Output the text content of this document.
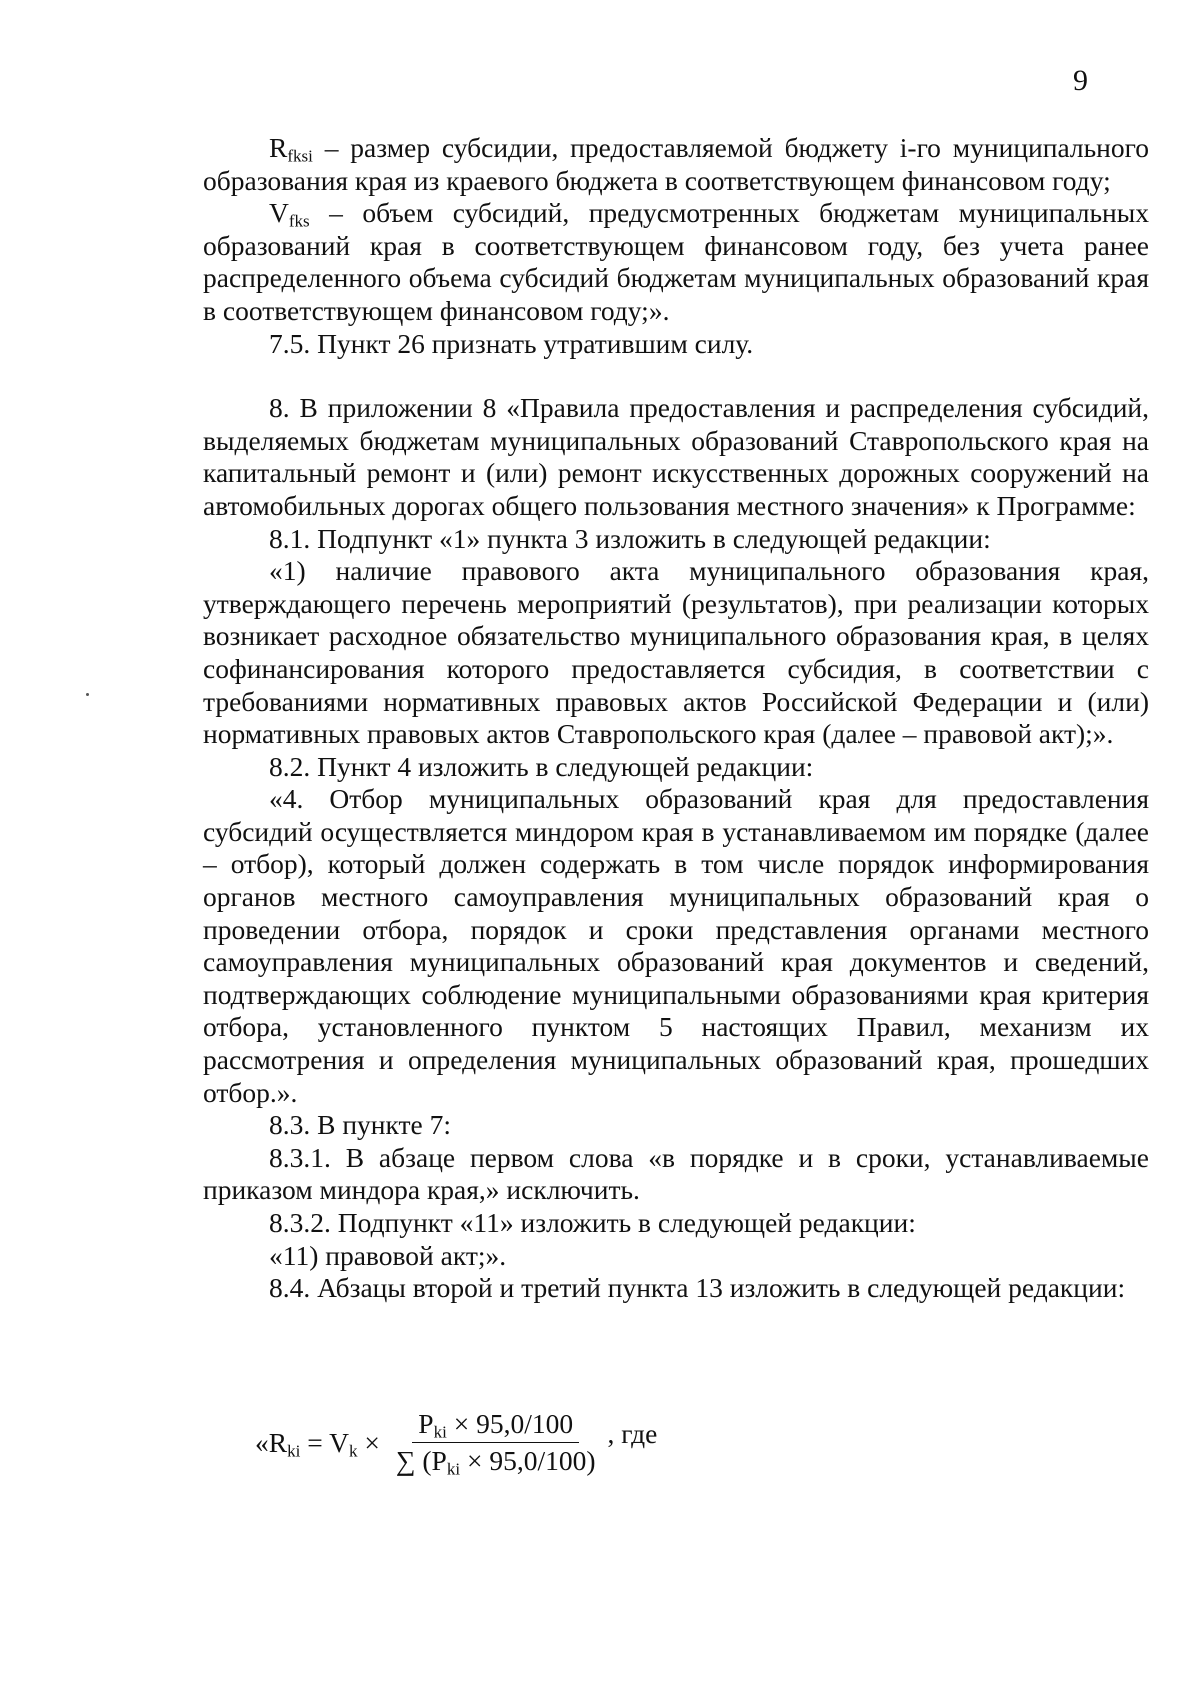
9

$R_{fksi}$ – размер субсидии, предоставляемой бюджету i-го муниципального образования края из краевого бюджета в соответствующем финансовом году;

$V_{fks}$ – объем субсидий, предусмотренных бюджетам муниципальных образований края в соответствующем финансовом году, без учета ранее распределенного объема субсидий бюджетам муниципальных образований края в соответствующем финансовом году;».

7.5. Пункт 26 признать утратившим силу.

8. В приложении 8 «Правила предоставления и распределения субсидий, выделяемых бюджетам муниципальных образований Ставропольского края на капитальный ремонт и (или) ремонт искусственных дорожных сооружений на автомобильных дорогах общего пользования местного значения» к Программе:

8.1. Подпункт «1» пункта 3 изложить в следующей редакции:

«1) наличие правового акта муниципального образования края, утверждающего перечень мероприятий (результатов), при реализации которых возникает расходное обязательство муниципального образования края, в целях софинансирования которого предоставляется субсидия, в соответствии с требованиями нормативных правовых актов Российской Федерации и (или) нормативных правовых актов Ставропольского края (далее – правовой акт);».

8.2. Пункт 4 изложить в следующей редакции:

«4. Отбор муниципальных образований края для предоставления субсидий осуществляется миндором края в устанавливаемом им порядке (далее – отбор), который должен содержать в том числе порядок информирования органов местного самоуправления муниципальных образований края о проведении отбора, порядок и сроки представления органами местного самоуправления муниципальных образований края документов и сведений, подтверждающих соблюдение муниципальными образованиями края критерия отбора, установленного пунктом 5 настоящих Правил, механизм их рассмотрения и определения муниципальных образований края, прошедших отбор.».

8.3. В пункте 7:

8.3.1. В абзаце первом слова «в порядке и в сроки, устанавливаемые приказом миндора края,» исключить.

8.3.2. Подпункт «11» изложить в следующей редакции:

«11) правовой акт;».

8.4. Абзацы второй и третий пункта 13 изложить в следующей редакции:

«$R_{ki} = V_k \times \frac{P_{ki} \times 95,0/100}{\sum (P_{ki} \times 95,0/100)}$ , где
